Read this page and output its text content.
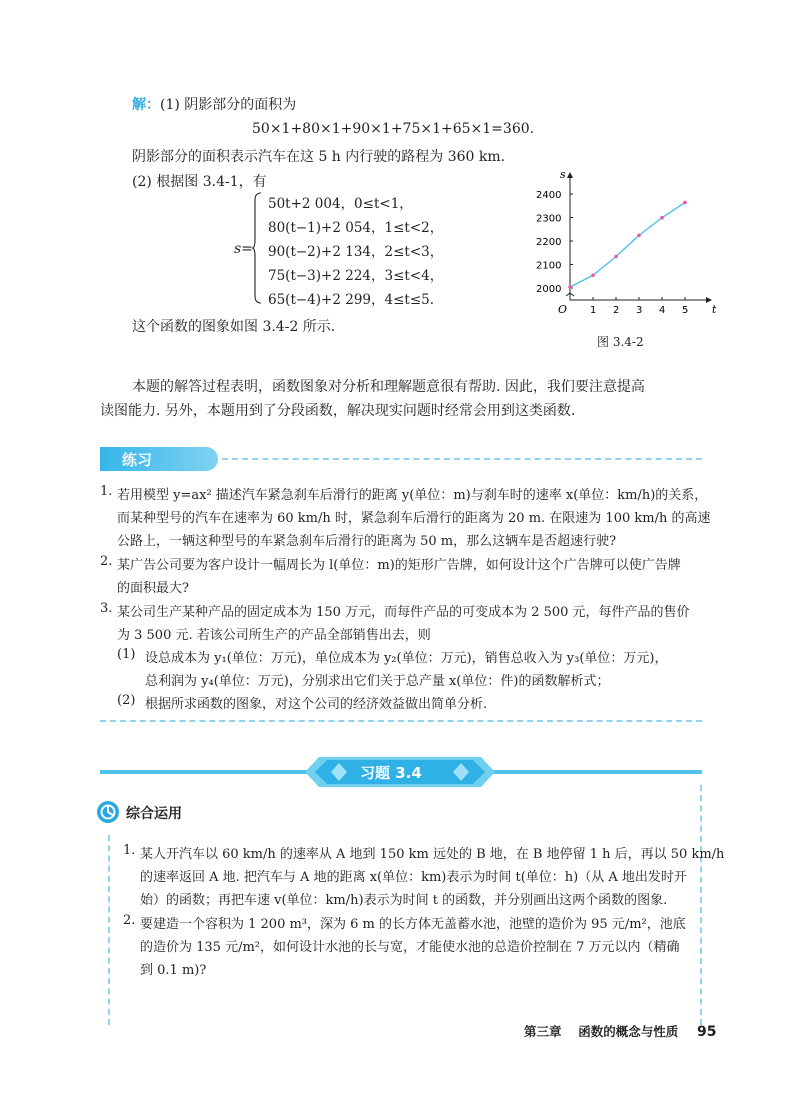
解：(1) 阴影部分的面积为
50×1+80×1+90×1+75×1+65×1=360.
阴影部分的面积表示汽车在这 5 h 内行驶的路程为 360 km.
(2) 根据图 3.4-1，有
s=
50t+2 004，0≤t<1，
80(t−1)+2 054，1≤t<2，
90(t−2)+2 134，2≤t<3，
75(t−3)+2 224，3≤t<4，
65(t−4)+2 299，4≤t≤5.
这个函数的图象如图 3.4-2 所示.
t
s
O 1 2 3 4 5
2000
2100
2200
2300
2400
图 3.4-2
本题的解答过程表明，函数图象对分析和理解题意很有帮助. 因此，我们要注意提高
读图能力. 另外，本题用到了分段函数，解决现实问题时经常会用到这类函数.
练习
1. 若用模型 y=ax² 描述汽车紧急刹车后滑行的距离 y(单位：m)与刹车时的速率 x(单位：km/h)的关系，
而某种型号的汽车在速率为 60 km/h 时，紧急刹车后滑行的距离为 20 m. 在限速为 100 km/h 的高速
公路上，一辆这种型号的车紧急刹车后滑行的距离为 50 m，那么这辆车是否超速行驶?
2. 某广告公司要为客户设计一幅周长为 l(单位：m)的矩形广告牌，如何设计这个广告牌可以使广告牌
的面积最大?
3. 某公司生产某种产品的固定成本为 150 万元，而每件产品的可变成本为 2 500 元，每件产品的售价
为 3 500 元. 若该公司所生产的产品全部销售出去，则
(1) 设总成本为 y₁(单位：万元)，单位成本为 y₂(单位：万元)，销售总收入为 y₃(单位：万元)，
总利润为 y₄(单位：万元)，分别求出它们关于总产量 x(单位：件)的函数解析式；
(2) 根据所求函数的图象，对这个公司的经济效益做出简单分析.
习题 3.4
综合运用
1. 某人开汽车以 60 km/h 的速率从 A 地到 150 km 远处的 B 地，在 B 地停留 1 h 后，再以 50 km/h
的速率返回 A 地. 把汽车与 A 地的距离 x(单位：km)表示为时间 t(单位：h)（从 A 地出发时开
始）的函数；再把车速 v(单位：km/h)表示为时间 t 的函数，并分别画出这两个函数的图象.
2. 要建造一个容积为 1 200 m³，深为 6 m 的长方体无盖蓄水池，池壁的造价为 95 元/m²，池底
的造价为 135 元/m²，如何设计水池的长与宽，才能使水池的总造价控制在 7 万元以内（精确
到 0.1 m)?
第三章 函数的概念与性质 95
